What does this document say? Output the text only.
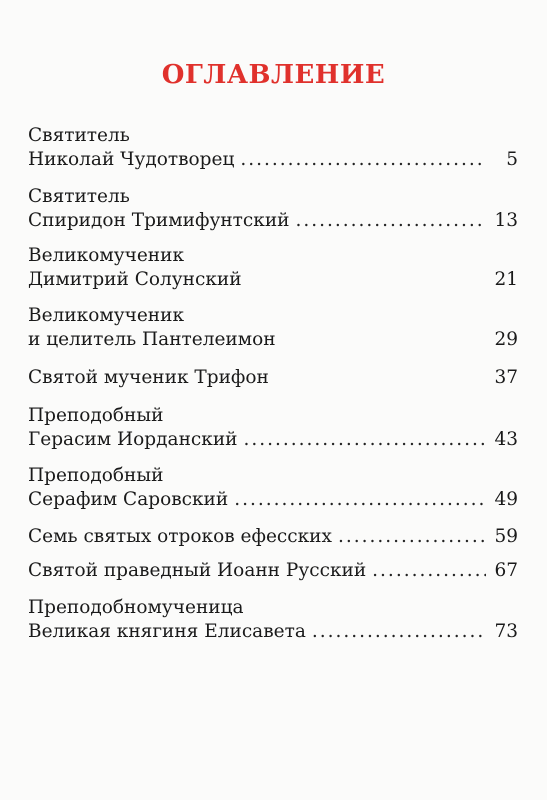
ОГЛАВЛЕНИЕ
Святитель
Николай Чудотворец .....	5
Святитель
Спиридон Тримифунтский .....	13
Великомученик
Димитрий Солунский	21
Великомученик
и целитель Пантелеимон	29
Святой мученик Трифон	37
Преподобный
Герасим Иорданский .....	43
Преподобный
Серафим Саровский .....	49
Семь святых отроков ефесских .....	59
Святой праведный Иоанн Русский .....	67
Преподобномученица
Великая княгиня Елисавета .....	73
